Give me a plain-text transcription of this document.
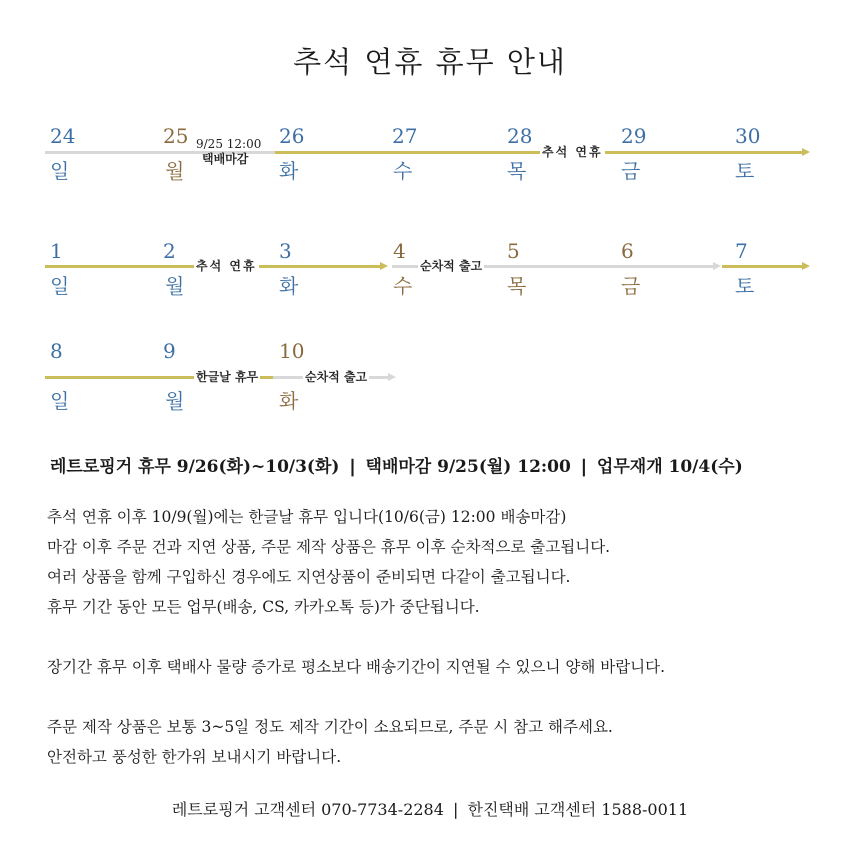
추석 연휴 휴무 안내
24	25	26	27	28	29	30
일	월	화	수	목	금	토
9/25 12:00
택배마감	추석 연휴
1	2	3	4	5	6	7
일	월	화	수	목	금	토
추석 연휴	순차적 출고
8	9	10
일	월	화
한글날 휴무	순차적 출고
레트로핑거 휴무 9/26(화)~10/3(화) ❘ 택배마감 9/25(월) 12:00 ❘ 업무재개 10/4(수)
추석 연휴 이후 10/9(월)에는 한글날 휴무 입니다(10/6(금) 12:00 배송마감)
마감 이후 주문 건과 지연 상품, 주문 제작 상품은 휴무 이후 순차적으로 출고됩니다.
여러 상품을 함께 구입하신 경우에도 지연상품이 준비되면 다같이 출고됩니다.
휴무 기간 동안 모든 업무(배송, CS, 카카오톡 등)가 중단됩니다.
장기간 휴무 이후 택배사 물량 증가로 평소보다 배송기간이 지연될 수 있으니 양해 바랍니다.
주문 제작 상품은 보통 3~5일 정도 제작 기간이 소요되므로, 주문 시 참고 해주세요.
안전하고 풍성한 한가위 보내시기 바랍니다.
레트로핑거 고객센터 070-7734-2284 ❘ 한진택배 고객센터 1588-0011
